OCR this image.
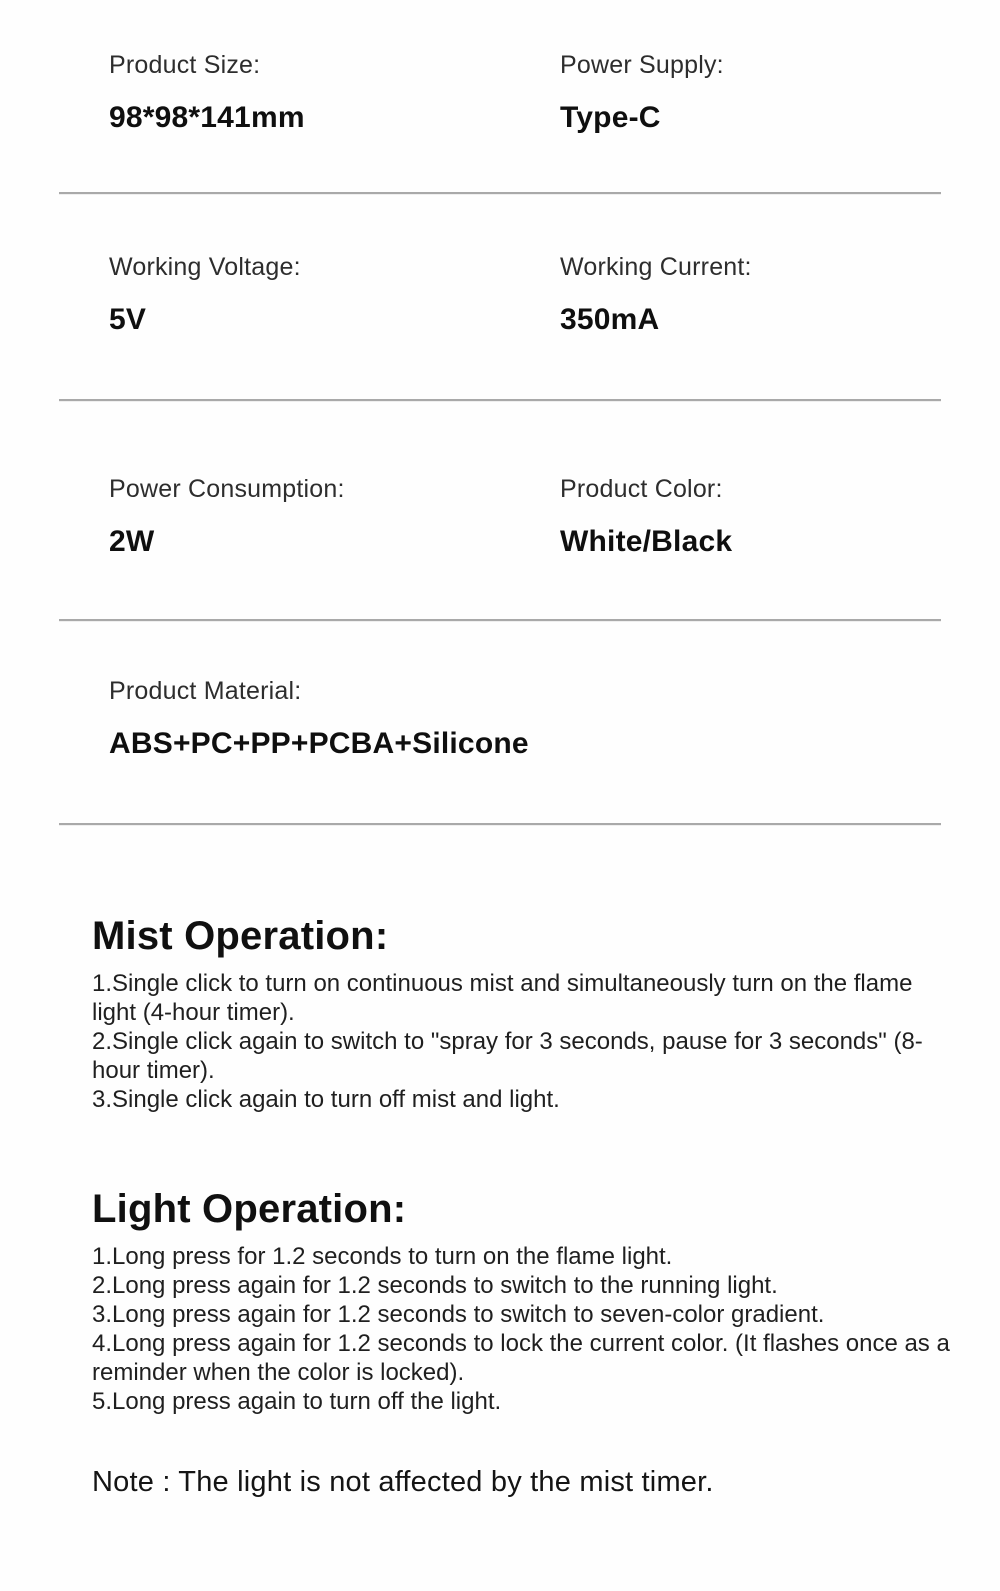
Product Size:
98*98*141mm
Power Supply:
Type-C
Working Voltage:
5V
Working Current:
350mA
Power Consumption:
2W
Product Color:
White/Black
Product Material:
ABS+PC+PP+PCBA+Silicone
Mist Operation:
1.Single click to turn on continuous mist and simultaneously turn on the flame light (4-hour timer).
2.Single click again to switch to "spray for 3 seconds, pause for 3 seconds" (8-hour timer).
3.Single click again to turn off mist and light.
Light Operation:
1.Long press for 1.2 seconds to turn on the flame light.
2.Long press again for 1.2 seconds to switch to the running light.
3.Long press again for 1.2 seconds to switch to seven-color gradient.
4.Long press again for 1.2 seconds to lock the current color. (It flashes once as a reminder when the color is locked).
5.Long press again to turn off the light.

Note : The light is not affected by the mist timer.
